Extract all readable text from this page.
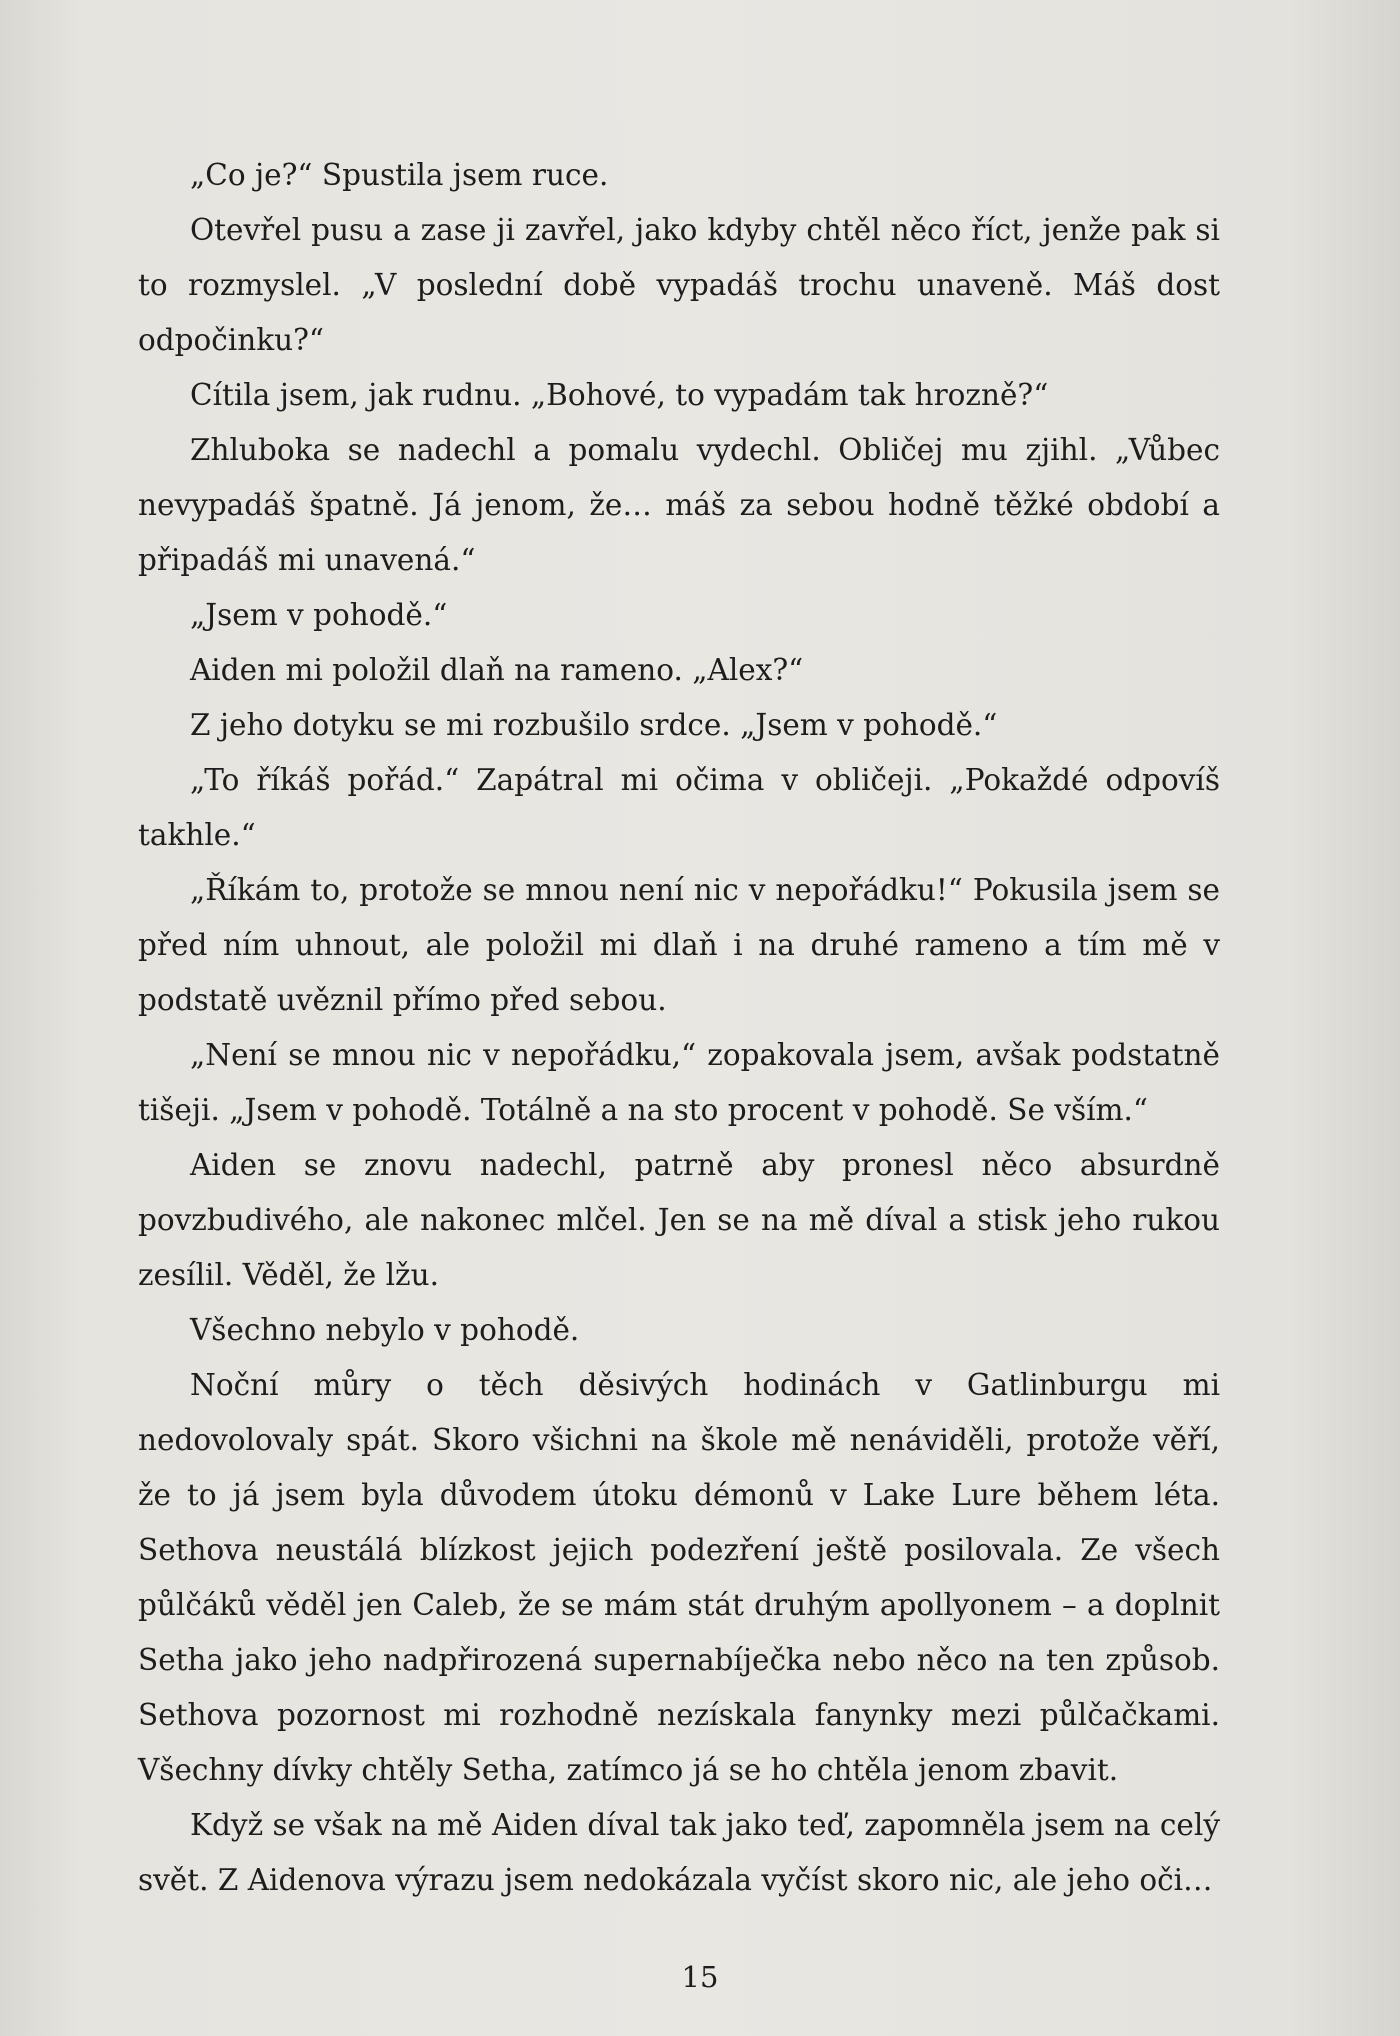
„Co je?“ Spustila jsem ruce.

Otevřel pusu a zase ji zavřel, jako kdyby chtěl něco říct, jenže pak si to rozmyslel. „V poslední době vypadáš trochu unaveně. Máš dost odpočinku?“

Cítila jsem, jak rudnu. „Bohové, to vypadám tak hrozně?“

Zhluboka se nadechl a pomalu vydechl. Obličej mu zjihl. „Vůbec nevypadáš špatně. Já jenom, že… máš za sebou hodně těžké období a připadáš mi unavená.“

„Jsem v pohodě.“

Aiden mi položil dlaň na rameno. „Alex?“

Z jeho dotyku se mi rozbušilo srdce. „Jsem v pohodě.“

„To říkáš pořád.“ Zapátral mi očima v obličeji. „Pokaždé odpovíš takhle.“

„Říkám to, protože se mnou není nic v nepořádku!“ Pokusila jsem se před ním uhnout, ale položil mi dlaň i na druhé rameno a tím mě v podstatě uvěznil přímo před sebou.

„Není se mnou nic v nepořádku,“ zopakovala jsem, avšak podstatně tišeji. „Jsem v pohodě. Totálně a na sto procent v pohodě. Se vším.“

Aiden se znovu nadechl, patrně aby pronesl něco absurdně povzbudivého, ale nakonec mlčel. Jen se na mě díval a stisk jeho rukou zesílil. Věděl, že lžu.

Všechno nebylo v pohodě.

Noční můry o těch děsivých hodinách v Gatlinburgu mi nedovolovaly spát. Skoro všichni na škole mě nenáviděli, protože věří, že to já jsem byla důvodem útoku démonů v Lake Lure během léta. Sethova neustálá blízkost jejich podezření ještě posilovala. Ze všech půlčáků věděl jen Caleb, že se mám stát druhým apollyonem – a doplnit Setha jako jeho nadpřirozená supernabíječka nebo něco na ten způsob. Sethova pozornost mi rozhodně nezískala fanynky mezi půlčačkami. Všechny dívky chtěly Setha, zatímco já se ho chtěla jenom zbavit.

Když se však na mě Aiden díval tak jako teď, zapomněla jsem na celý svět. Z Aidenova výrazu jsem nedokázala vyčíst skoro nic, ale jeho oči…

15
